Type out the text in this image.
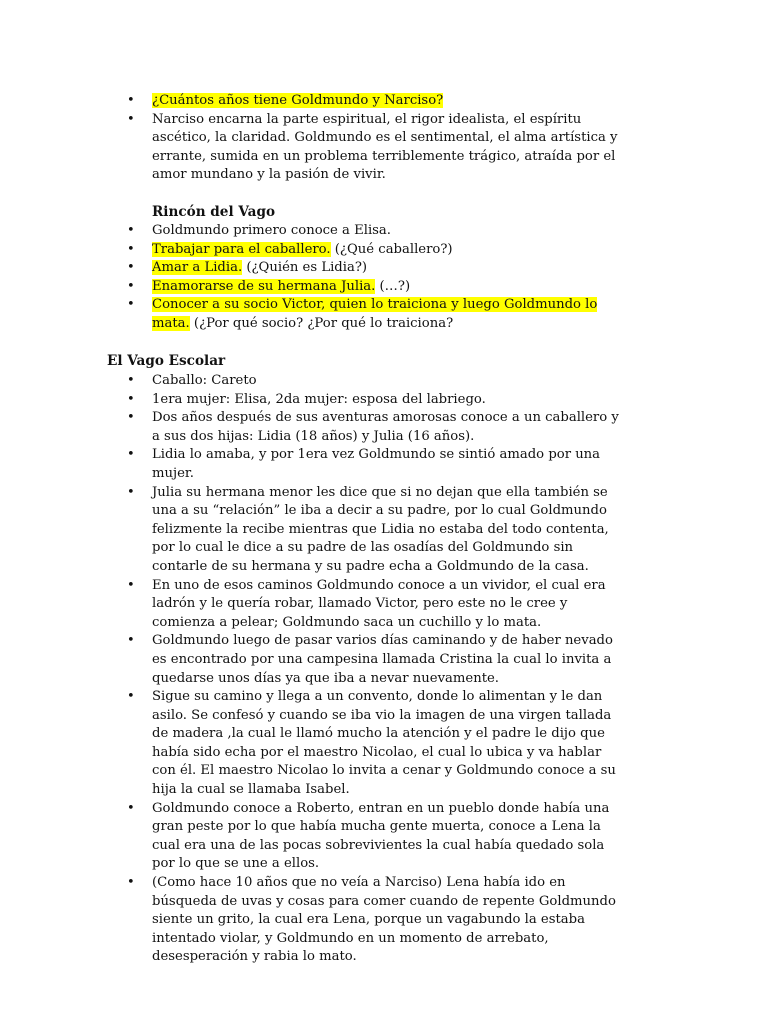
• ¿Cuántos años tiene Goldmundo y Narciso?
• Narciso encarna la parte espiritual, el rigor idealista, el espíritu ascético, la claridad. Goldmundo es el sentimental, el alma artística y errante, sumida en un problema terriblemente trágico, atraída por el amor mundano y la pasión de vivir.
Rincón del Vago
• Goldmundo primero conoce a Elisa.
• Trabajar para el caballero. (¿Qué caballero?)
• Amar a Lidia. (¿Quién es Lidia?)
• Enamorarse de su hermana Julia. (…?)
• Conocer a su socio Victor, quien lo traiciona y luego Goldmundo lo mata. (¿Por qué socio? ¿Por qué lo traiciona?
El Vago Escolar
• Caballo: Careto
• 1era mujer: Elisa, 2da mujer: esposa del labriego.
• Dos años después de sus aventuras amorosas conoce a un caballero y a sus dos hijas: Lidia (18 años) y Julia (16 años).
• Lidia lo amaba, y por 1era vez Goldmundo se sintió amado por una mujer.
• Julia su hermana menor les dice que si no dejan que ella también se una a su “relación” le iba a decir a su padre, por lo cual Goldmundo felizmente la recibe mientras que Lidia no estaba del todo contenta, por lo cual le dice a su padre de las osadías del Goldmundo sin contarle de su hermana y su padre echa a Goldmundo de la casa.
• En uno de esos caminos Goldmundo conoce a un vividor, el cual era ladrón y le quería robar, llamado Victor, pero este no le cree y comienza a pelear; Goldmundo saca un cuchillo y lo mata.
• Goldmundo luego de pasar varios días caminando y de haber nevado es encontrado por una campesina llamada Cristina la cual lo invita a quedarse unos días ya que iba a nevar nuevamente.
• Sigue su camino y llega a un convento, donde lo alimentan y le dan asilo. Se confesó y cuando se iba vio la imagen de una virgen tallada de madera ,la cual le llamó mucho la atención y el padre le dijo que había sido echa por el maestro Nicolao, el cual lo ubica y va hablar con él. El maestro Nicolao lo invita a cenar y Goldmundo conoce a su hija la cual se llamaba Isabel.
• Goldmundo conoce a Roberto, entran en un pueblo donde había una gran peste por lo que había mucha gente muerta, conoce a Lena la cual era una de las pocas sobrevivientes la cual había quedado sola por lo que se une a ellos.
• (Como hace 10 años que no veía a Narciso) Lena había ido en búsqueda de uvas y cosas para comer cuando de repente Goldmundo siente un grito, la cual era Lena, porque un vagabundo la estaba intentado violar, y Goldmundo en un momento de arrebato, desesperación y rabia lo mato.
